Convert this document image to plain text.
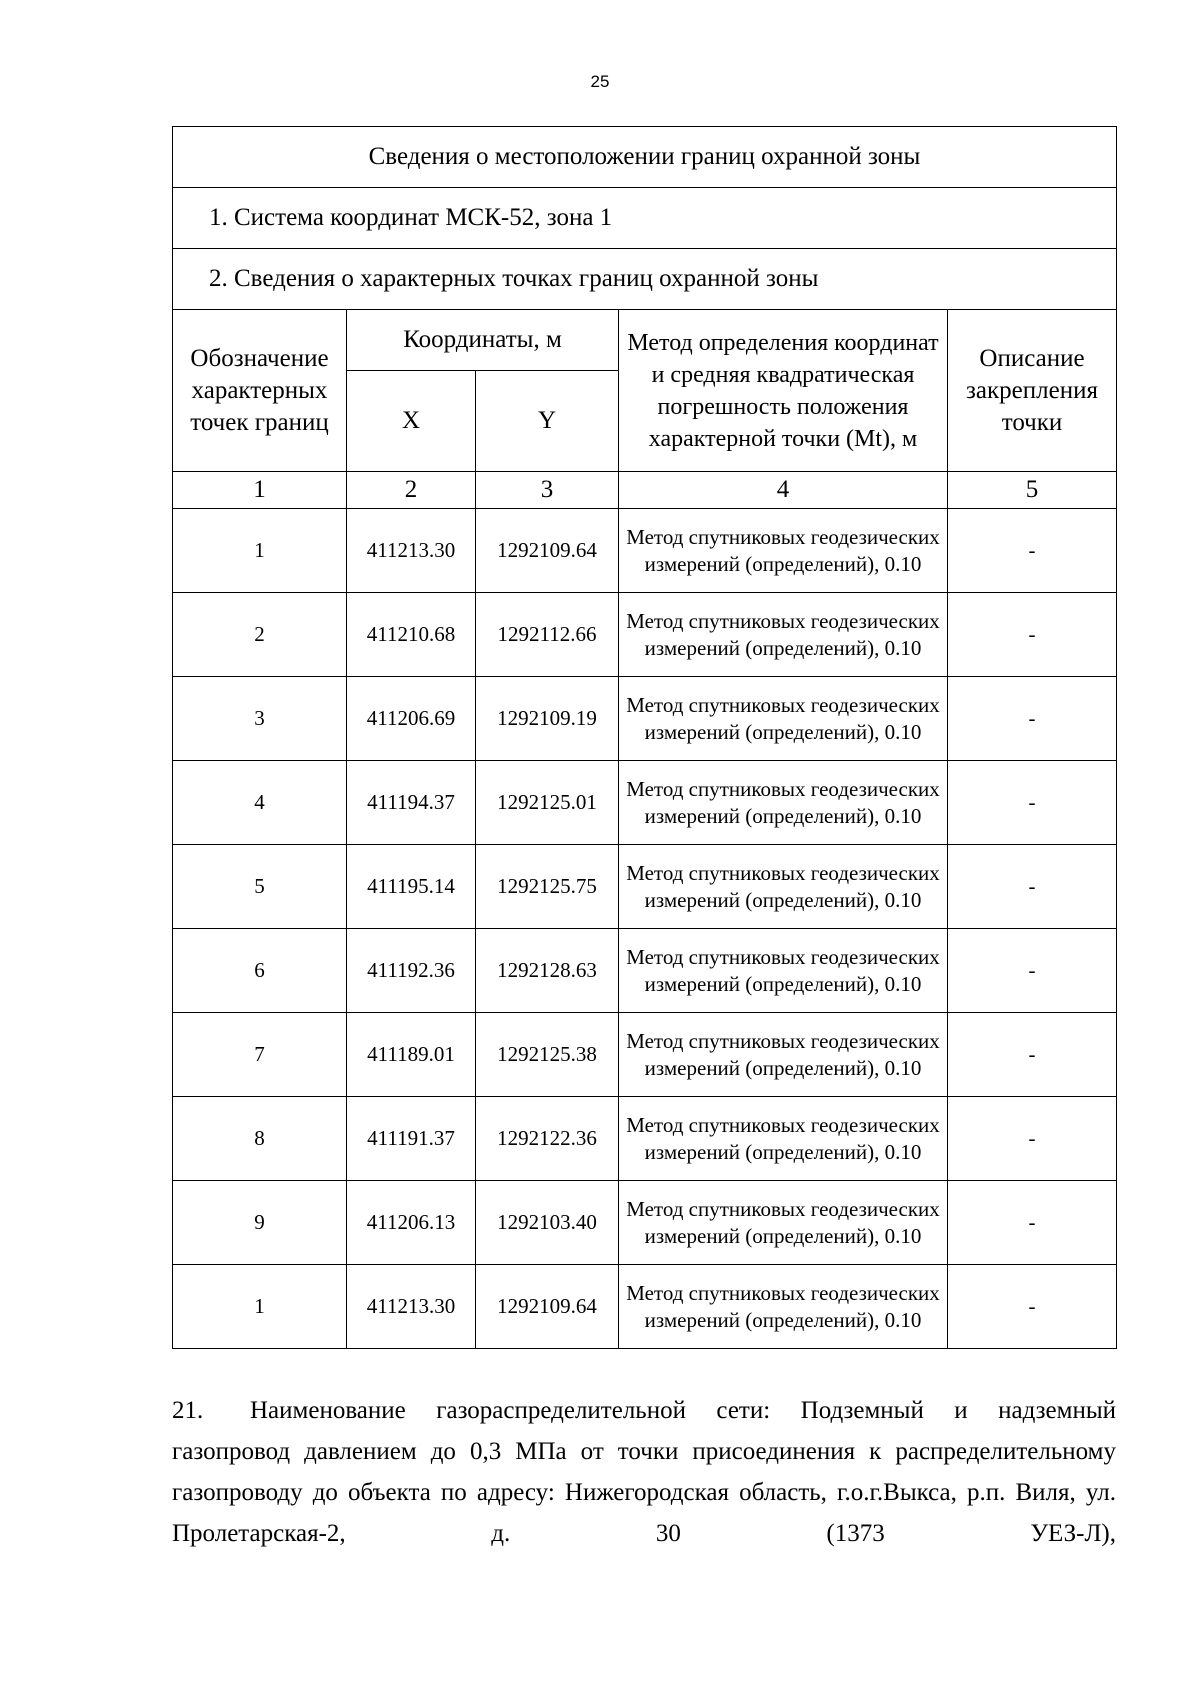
25
Сведения о местоположении границ охранной зоны				
1. Система координат МСК-52, зона 1				
2. Сведения о характерных точках границ охранной зоны				
Обозначение характерных точек границ	Координаты, м		Метод определения координат и средняя квадратическая погрешность положения характерной точки (Mt), м	Описание закрепления точки
	X	Y		
1	2	3	4	5
1	411213.30	1292109.64	Метод спутниковых геодезических измерений (определений), 0.10	-
2	411210.68	1292112.66	Метод спутниковых геодезических измерений (определений), 0.10	-
3	411206.69	1292109.19	Метод спутниковых геодезических измерений (определений), 0.10	-
4	411194.37	1292125.01	Метод спутниковых геодезических измерений (определений), 0.10	-
5	411195.14	1292125.75	Метод спутниковых геодезических измерений (определений), 0.10	-
6	411192.36	1292128.63	Метод спутниковых геодезических измерений (определений), 0.10	-
7	411189.01	1292125.38	Метод спутниковых геодезических измерений (определений), 0.10	-
8	411191.37	1292122.36	Метод спутниковых геодезических измерений (определений), 0.10	-
9	411206.13	1292103.40	Метод спутниковых геодезических измерений (определений), 0.10	-
1	411213.30	1292109.64	Метод спутниковых геодезических измерений (определений), 0.10	-
21. Наименование газораспределительной сети: Подземный и надземный газопровод давлением до 0,3 МПа от точки присоединения к распределительному газопроводу до объекта по адресу: Нижегородская область, г.о.г.Выкса, р.п. Виля, ул. Пролетарская-2, д. 30 (1373 УЕЗ-Л),
